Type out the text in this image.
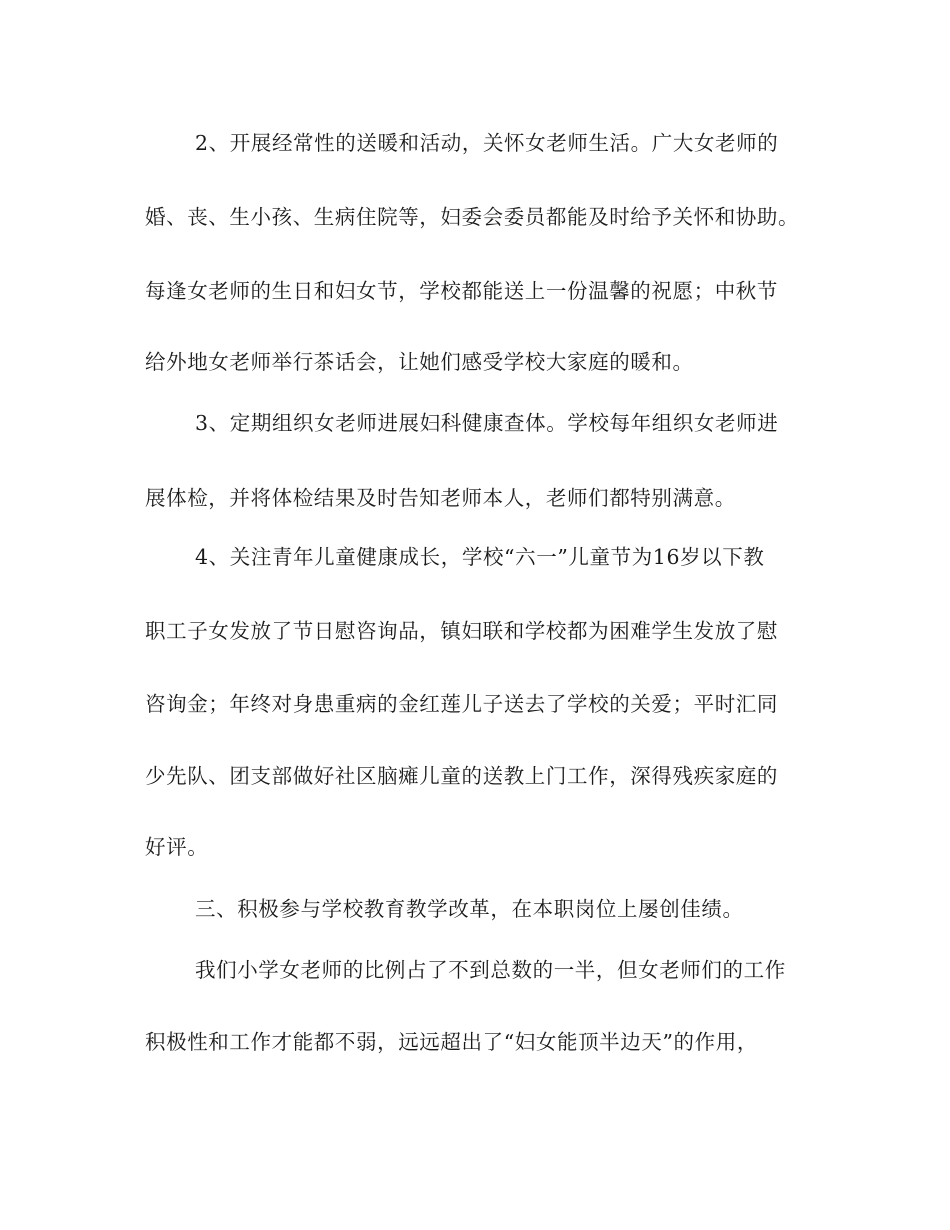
2、开展经常性的送暖和活动，关怀女老师生活。广大女老师的
婚、丧、生小孩、生病住院等，妇委会委员都能及时给予关怀和协助。
每逢女老师的生日和妇女节，学校都能送上一份温馨的祝愿；中秋节
给外地女老师举行茶话会，让她们感受学校大家庭的暖和。
3、定期组织女老师进展妇科健康查体。学校每年组织女老师进
展体检，并将体检结果及时告知老师本人，老师们都特别满意。
4、关注青年儿童健康成长，学校“六一”儿童节为16岁以下教
职工子女发放了节日慰咨询品，镇妇联和学校都为困难学生发放了慰
咨询金；年终对身患重病的金红莲儿子送去了学校的关爱；平时汇同
少先队、团支部做好社区脑瘫儿童的送教上门工作，深得残疾家庭的
好评。
三、积极参与学校教育教学改革，在本职岗位上屡创佳绩。
我们小学女老师的比例占了不到总数的一半，但女老师们的工作
积极性和工作才能都不弱，远远超出了“妇女能顶半边天”的作用，
